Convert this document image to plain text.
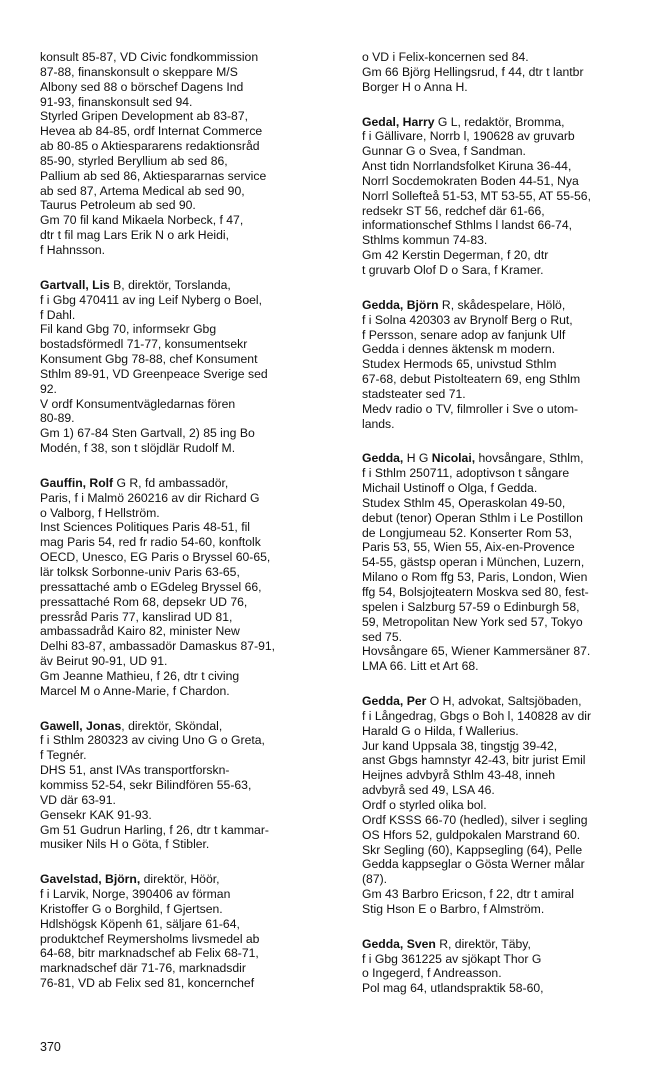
konsult 85-87, VD Civic fondkommission
87-88, finanskonsult o skeppare M/S
Albony sed 88 o börschef Dagens Ind
91-93, finanskonsult sed 94.
Styrled Gripen Development ab 83-87,
Hevea ab 84-85, ordf Internat Commerce
ab 80-85 o Aktiespararens redaktionsråd
85-90, styrled Beryllium ab sed 86,
Pallium ab sed 86, Aktiespararnas service
ab sed 87, Artema Medical ab sed 90,
Taurus Petroleum ab sed 90.
Gm 70 fil kand Mikaela Norbeck, f 47,
dtr t fil mag Lars Erik N o ark Heidi,
f Hahnsson.
Gartvall, Lis B, direktör, Torslanda,
f i Gbg 470411 av ing Leif Nyberg o Boel,
f Dahl.
Fil kand Gbg 70, informsekr Gbg
bostadsförmedl 71-77, konsumentsekr
Konsument Gbg 78-88, chef Konsument
Sthlm 89-91, VD Greenpeace Sverige sed
92.
V ordf Konsumentvägledarnas fören
80-89.
Gm 1) 67-84 Sten Gartvall, 2) 85 ing Bo
Modén, f 38, son t slöjdlär Rudolf M.
Gauffin, Rolf G R, fd ambassadör,
Paris, f i Malmö 260216 av dir Richard G
o Valborg, f Hellström.
Inst Sciences Politiques Paris 48-51, fil
mag Paris 54, red fr radio 54-60, konftolk
OECD, Unesco, EG Paris o Bryssel 60-65,
lär tolksk Sorbonne-univ Paris 63-65,
pressattaché amb o EGdeleg Bryssel 66,
pressattaché Rom 68, depsekr UD 76,
pressråd Paris 77, kanslirad UD 81,
ambassadråd Kairo 82, minister New
Delhi 83-87, ambassadör Damaskus 87-91,
äv Beirut 90-91, UD 91.
Gm Jeanne Mathieu, f 26, dtr t civing
Marcel M o Anne-Marie, f Chardon.
Gawell, Jonas, direktör, Sköndal,
f i Sthlm 280323 av civing Uno G o Greta,
f Tegnér.
DHS 51, anst IVAs transportforskn-
kommiss 52-54, sekr Bilindfören 55-63,
VD där 63-91.
Gensekr KAK 91-93.
Gm 51 Gudrun Harling, f 26, dtr t kammar-
musiker Nils H o Göta, f Stibler.
Gavelstad, Björn, direktör, Höör,
f i Larvik, Norge, 390406 av förman
Kristoffer G o Borghild, f Gjertsen.
Hdlshögsk Köpenh 61, säljare 61-64,
produktchef Reymersholms livsmedel ab
64-68, bitr marknadschef ab Felix 68-71,
marknadschef där 71-76, marknadsdir
76-81, VD ab Felix sed 81, koncernchef
o VD i Felix-koncernen sed 84.
Gm 66 Björg Hellingsrud, f 44, dtr t lantbr
Borger H o Anna H.
Gedal, Harry G L, redaktör, Bromma,
f i Gällivare, Norrb l, 190628 av gruvarb
Gunnar G o Svea, f Sandman.
Anst tidn Norrlandsfolket Kiruna 36-44,
Norrl Socdemokraten Boden 44-51, Nya
Norrl Sollefteå 51-53, MT 53-55, AT 55-56,
redsekr ST 56, redchef där 61-66,
informationschef Sthlms l landst 66-74,
Sthlms kommun 74-83.
Gm 42 Kerstin Degerman, f 20, dtr
t gruvarb Olof D o Sara, f Kramer.
Gedda, Björn R, skådespelare, Hölö,
f i Solna 420303 av Brynolf Berg o Rut,
f Persson, senare adop av fanjunk Ulf
Gedda i dennes äktensk m modern.
Studex Hermods 65, univstud Sthlm
67-68, debut Pistolteatern 69, eng Sthlm
stadsteater sed 71.
Medv radio o TV, filmroller i Sve o utom-
lands.
Gedda, H G Nicolai, hovsångare, Sthlm,
f i Sthlm 250711, adoptivson t sångare
Michail Ustinoff o Olga, f Gedda.
Studex Sthlm 45, Operaskolan 49-50,
debut (tenor) Operan Sthlm i Le Postillon
de Longjumeau 52. Konserter Rom 53,
Paris 53, 55, Wien 55, Aix-en-Provence
54-55, gästsp operan i München, Luzern,
Milano o Rom ffg 53, Paris, London, Wien
ffg 54, Bolsjojteatern Moskva sed 80, fest-
spelen i Salzburg 57-59 o Edinburgh 58,
59, Metropolitan New York sed 57, Tokyo
sed 75.
Hovsångare 65, Wiener Kammersäner 87.
LMA 66. Litt et Art 68.
Gedda, Per O H, advokat, Saltsjöbaden,
f i Långedrag, Gbgs o Boh l, 140828 av dir
Harald G o Hilda, f Wallerius.
Jur kand Uppsala 38, tingstjg 39-42,
anst Gbgs hamnstyr 42-43, bitr jurist Emil
Heijnes advbyrå Sthlm 43-48, inneh
advbyrå sed 49, LSA 46.
Ordf o styrled olika bol.
Ordf KSSS 66-70 (hedled), silver i segling
OS Hfors 52, guldpokalen Marstrand 60.
Skr Segling (60), Kappsegling (64), Pelle
Gedda kappseglar o Gösta Werner målar
(87).
Gm 43 Barbro Ericson, f 22, dtr t amiral
Stig Hson E o Barbro, f Almström.
Gedda, Sven R, direktör, Täby,
f i Gbg 361225 av sjökapt Thor G
o Ingegerd, f Andreasson.
Pol mag 64, utlandspraktik 58-60,
370
